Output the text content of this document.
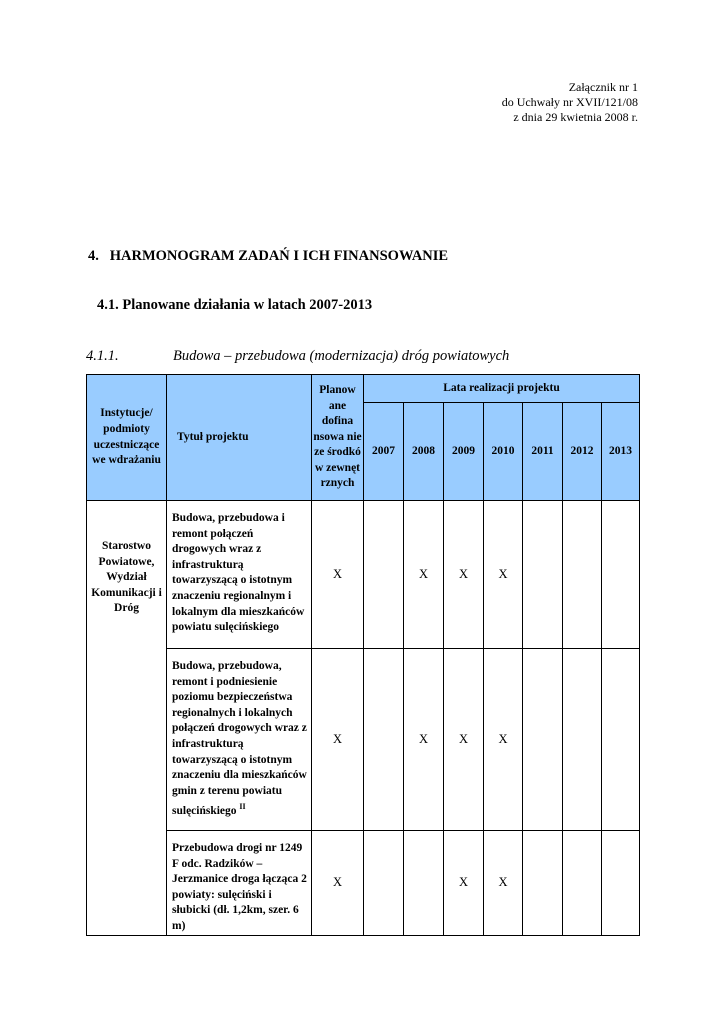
Załącznik nr 1
do Uchwały nr XVII/121/08
z dnia 29 kwietnia 2008 r.
4. HARMONOGRAM ZADAŃ I ICH FINANSOWANIE
4.1. Planowane działania w latach 2007-2013
4.1.1.	Budowa – przebudowa (modernizacja) dróg powiatowych
Instytucje/ podmioty uczestniczące we wdrażaniu	Tytuł projektu	Planow ane dofina nsowa nie ze środkó w zewnęt rznych	Lata realizacji projektu						
			2007	2008	2009	2010	2011	2012	2013
Starostwo Powiatowe, Wydział Komunikacji i Dróg	Budowa, przebudowa i remont połączeń drogowych wraz z infrastrukturą towarzyszącą o istotnym znaczeniu regionalnym i lokalnym dla mieszkańców powiatu sulęcińskiego	X		X	X	X			
	Budowa, przebudowa, remont i podniesienie poziomu bezpieczeństwa regionalnych i lokalnych połączeń drogowych wraz z infrastrukturą towarzyszącą o istotnym znaczeniu dla mieszkańców gmin z terenu powiatu sulęcińskiego $^{II}$	X		X	X	X			
	Przebudowa drogi nr 1249 F odc. Radzików – Jerzmanice droga łącząca 2 powiaty: sulęciński i słubicki (dł. 1,2km, szer. 6 m)	X			X	X			
